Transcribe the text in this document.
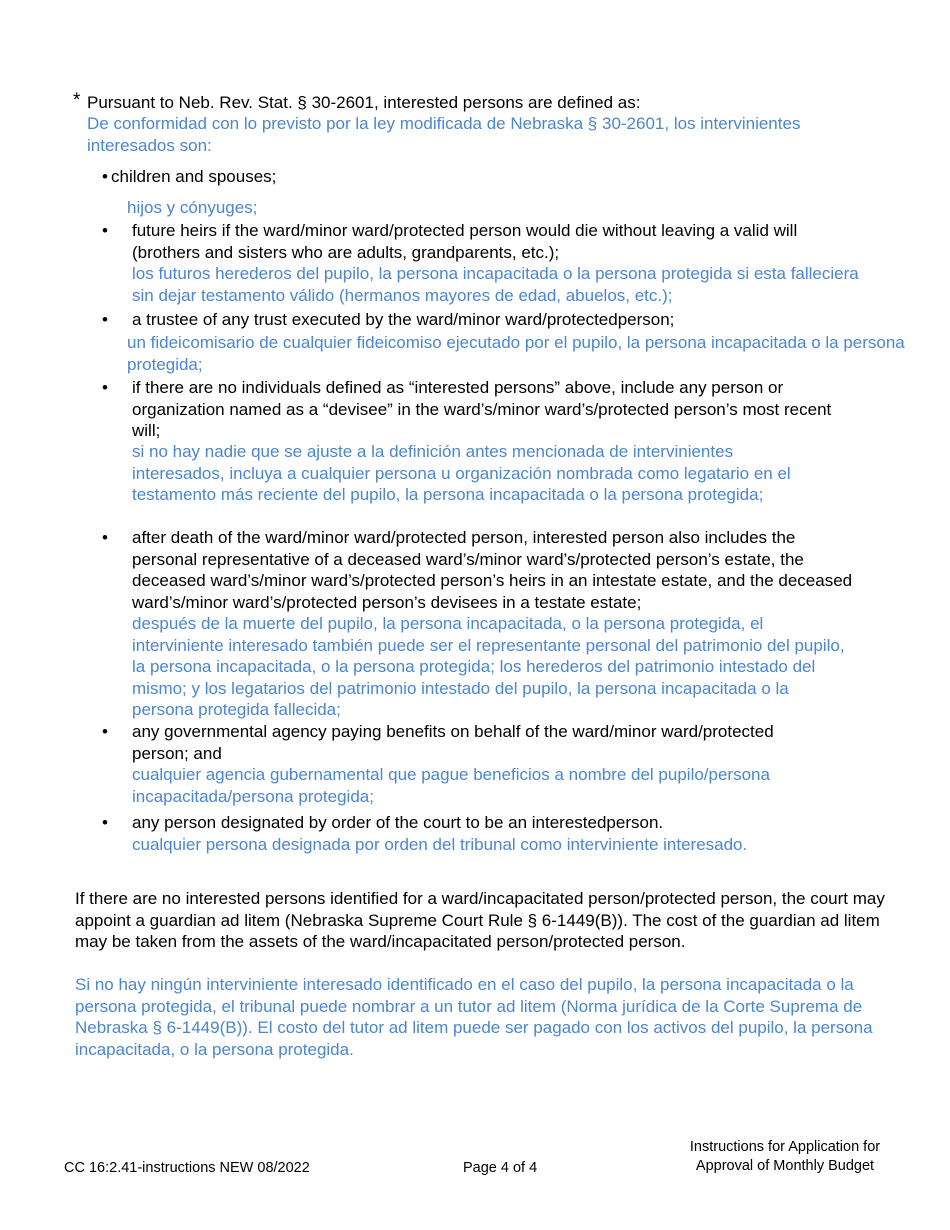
* Pursuant to Neb. Rev. Stat. § 30-2601, interested persons are defined as:

De conformidad con lo previsto por la ley modificada de Nebraska § 30-2601, los intervinientes interesados son:

• children and spouses;

hijos y cónyuges;

• future heirs if the ward/minor ward/protected person would die without leaving a valid will (brothers and sisters who are adults, grandparents, etc.);

los futuros herederos del pupilo, la persona incapacitada o la persona protegida si esta falleciera sin dejar testamento válido (hermanos mayores de edad, abuelos, etc.);

• a trustee of any trust executed by the ward/minor ward/protectedperson;

un fideicomisario de cualquier fideicomiso ejecutado por el pupilo, la persona incapacitada o la persona protegida;

• if there are no individuals defined as “interested persons” above, include any person or organization named as a “devisee” in the ward’s/minor ward’s/protected person’s most recent will;

si no hay nadie que se ajuste a la definición antes mencionada de intervinientes interesados, incluya a cualquier persona u organización nombrada como legatario en el testamento más reciente del pupilo, la persona incapacitada o la persona protegida;

• after death of the ward/minor ward/protected person, interested person also includes the personal representative of a deceased ward’s/minor ward’s/protected person’s estate, the deceased ward’s/minor ward’s/protected person’s heirs in an intestate estate, and the deceased ward’s/minor ward’s/protected person’s devisees in a testate estate;

después de la muerte del pupilo, la persona incapacitada, o la persona protegida, el interviniente interesado también puede ser el representante personal del patrimonio del pupilo, la persona incapacitada, o la persona protegida; los herederos del patrimonio intestado del mismo; y los legatarios del patrimonio intestado del pupilo, la persona incapacitada o la persona protegida fallecida;

• any governmental agency paying benefits on behalf of the ward/minor ward/protected person; and

cualquier agencia gubernamental que pague beneficios a nombre del pupilo/persona incapacitada/persona protegida;

• any person designated by order of the court to be an interestedperson.

cualquier persona designada por orden del tribunal como interviniente interesado.

If there are no interested persons identified for a ward/incapacitated person/protected person, the court may appoint a guardian ad litem (Nebraska Supreme Court Rule § 6-1449(B)). The cost of the guardian ad litem may be taken from the assets of the ward/incapacitated person/protected person.

Si no hay ningún interviniente interesado identificado en el caso del pupilo, la persona incapacitada o la persona protegida, el tribunal puede nombrar a un tutor ad litem (Norma jurídica de la Corte Suprema de Nebraska § 6-1449(B)). El costo del tutor ad litem puede ser pagado con los activos del pupilo, la persona incapacitada, o la persona protegida.

CC 16:2.41-instructions NEW 08/2022	Page 4 of 4
Instructions for Application for
Approval of Monthly Budget
